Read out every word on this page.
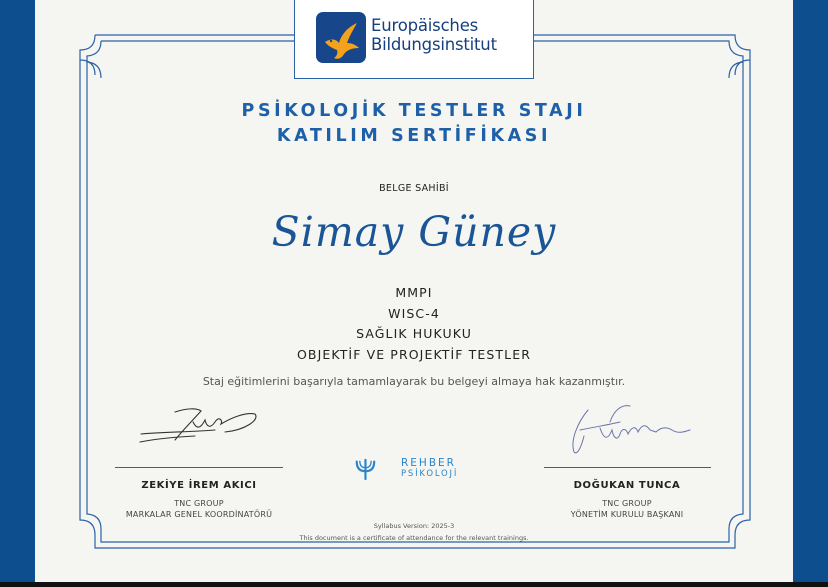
Europäisches
Bildungsinstitut
PSİKOLOJİK TESTLER STAJI
KATILIM SERTİFİKASI
BELGE SAHİBİ
Simay Güney
MMPI
WISC-4
SAĞLIK HUKUKU
OBJEKTİF VE PROJEKTİF TESTLER
Staj eğitimlerini başarıyla tamamlayarak bu belgeyi almaya hak kazanmıştır.
ZEKİYE İREM AKICI
TNC GROUP
MARKALAR GENEL KOORDİNATÖRÜ
DOĞUKAN TUNCA
TNC GROUP
YÖNETİM KURULU BAŞKANI
REHBER
PSİKOLOJİ
Syllabus Version: 2025-3
This document is a certificate of attendance for the relevant trainings.
